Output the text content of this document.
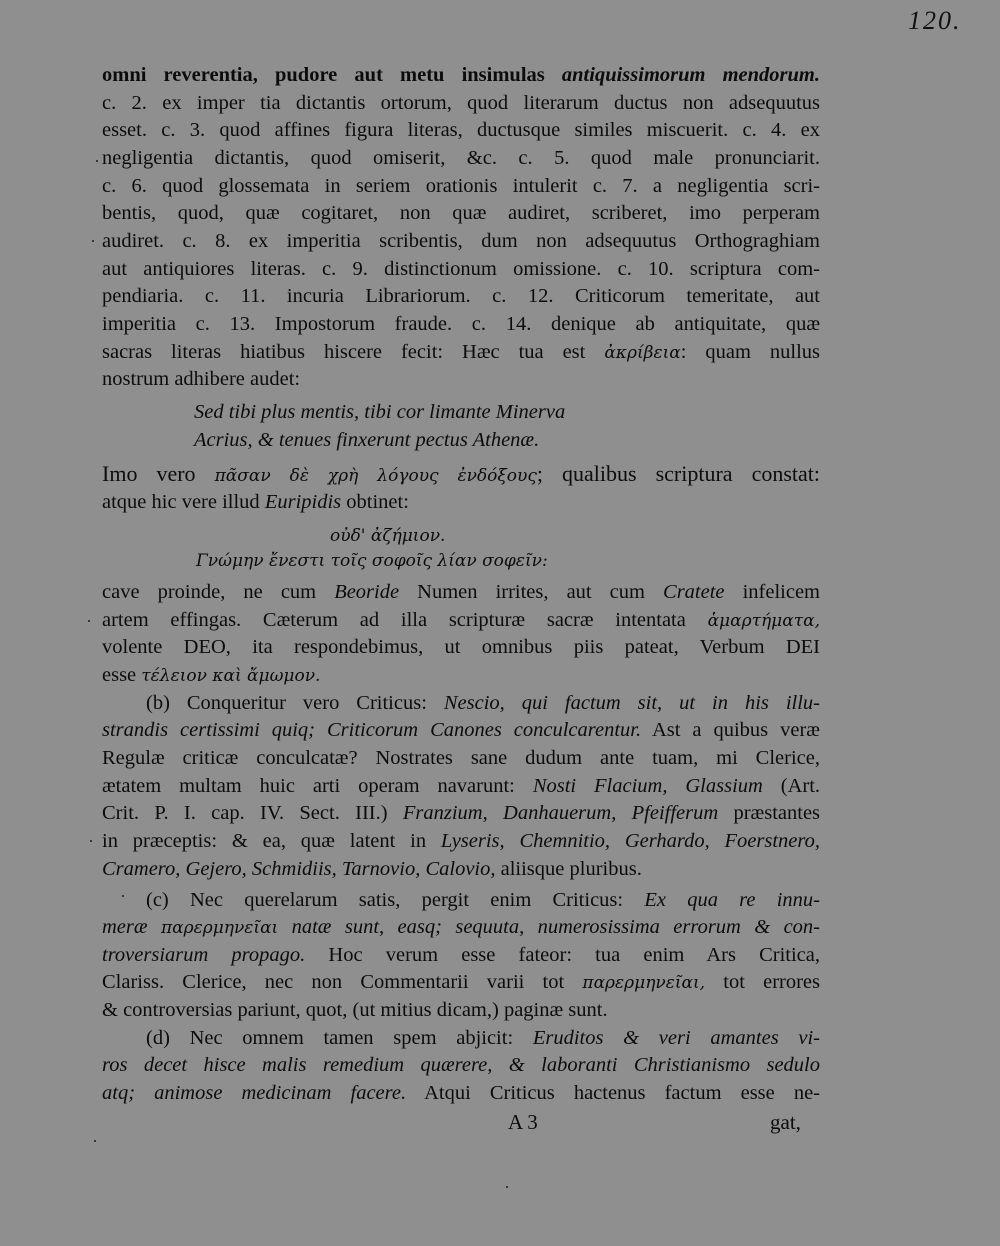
120.
omni reverentia, pudore aut metu insimulas antiquissimorum mendorum.
c. 2. ex imper tia dictantis ortorum, quod literarum ductus non adsequutus
esset. c. 3. quod affines figura literas, ductusque similes miscuerit. c. 4. ex
negligentia dictantis, quod omiserit, &c. c. 5. quod male pronunciarit.
c. 6. quod glossemata in seriem orationis intulerit c. 7. a negligentia scri-
bentis, quod, quæ cogitaret, non quæ audiret, scriberet, imo perperam
audiret. c. 8. ex imperitia scribentis, dum non adsequutus Orthograghiam
aut antiquiores literas. c. 9. distinctionum omissione. c. 10. scriptura com-
pendiaria. c. 11. incuria Librariorum. c. 12. Criticorum temeritate, aut
imperitia c. 13. Impostorum fraude. c. 14. denique ab antiquitate, quæ
sacras literas hiatibus hiscere fecit: Hæc tua est ἀκρίβεια: quam nullus
nostrum adhibere audet:
Sed tibi plus mentis, tibi cor limante Minerva
Acrius, & tenues finxerunt pectus Athenæ.
Imo vero πᾶσαν δὲ χρὴ λόγους ἐνδόξους; qualibus scriptura constat:
atque hic vere illud Euripidis obtinet:
οὐδ' ἀζήμιον.
Γνώμην ἔνεστι τοῖς σοφοῖς λίαν σοφεῖν:
cave proinde, ne cum Beoride Numen irrites, aut cum Cratete infelicem
artem effingas. Cæterum ad illa scripturæ sacræ intentata ἁμαρτήματα,
volente DEO, ita respondebimus, ut omnibus piis pateat, Verbum DEI
esse τέλειον καὶ ἄμωμον.
(b) Conqueritur vero Criticus: Nescio, qui factum sit, ut in his illu-
strandis certissimi quiq; Criticorum Canones conculcarentur. Ast a quibus veræ
Regulæ criticæ conculcatæ? Nostrates sane dudum ante tuam, mi Clerice,
ætatem multam huic arti operam navarunt: Nosti Flacium, Glassium (Art.
Crit. P. I. cap. IV. Sect. III.) Franzium, Danhauerum, Pfeifferum præstantes
in præceptis: & ea, quæ latent in Lyseris, Chemnitio, Gerhardo, Foerstnero,
Cramero, Gejero, Schmidiis, Tarnovio, Calovio, aliisque pluribus.
(c) Nec querelarum satis, pergit enim Criticus: Ex qua re innu-
meræ παρερμηνεῖαι natæ sunt, easq; sequuta, numerosissima errorum & con-
troversiarum propago. Hoc verum esse fateor: tua enim Ars Critica,
Clariss. Clerice, nec non Commentarii varii tot παρερμηνεῖαι, tot errores
& controversias pariunt, quot, (ut mitius dicam,) paginæ sunt.
(d) Nec omnem tamen spem abjicit: Eruditos & veri amantes vi-
ros decet hisce malis remedium quærere, & laboranti Christianismo sedulo
atq; animose medicinam facere. Atqui Criticus hactenus factum esse ne-
A 3	gat,
